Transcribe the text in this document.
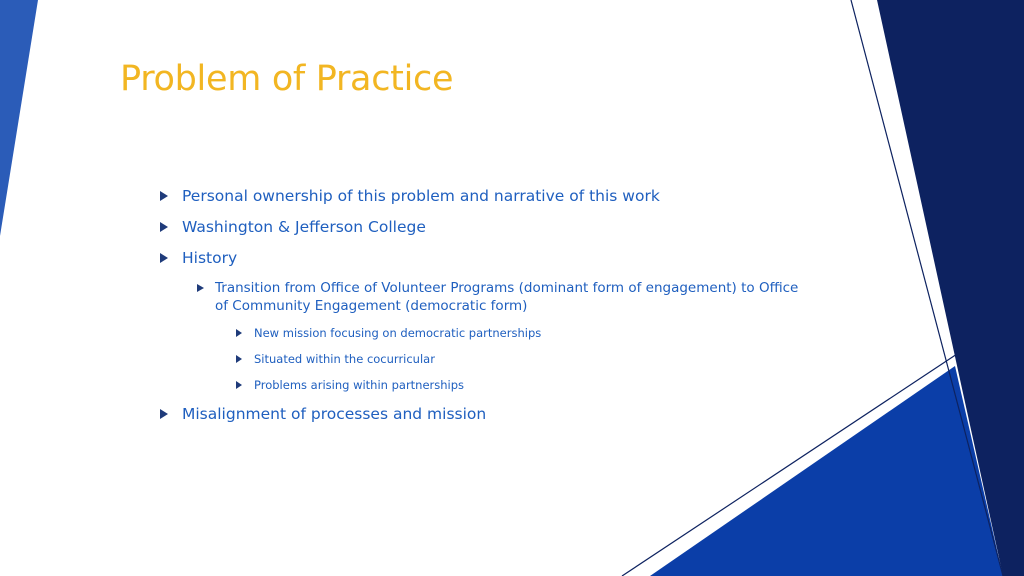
Problem of Practice
Personal ownership of this problem and narrative of this work
Washington & Jefferson College
History
Transition from Office of Volunteer Programs (dominant form of engagement) to Office of Community Engagement (democratic form)
New mission focusing on democratic partnerships
Situated within the cocurricular
Problems arising within partnerships
Misalignment of processes and mission
